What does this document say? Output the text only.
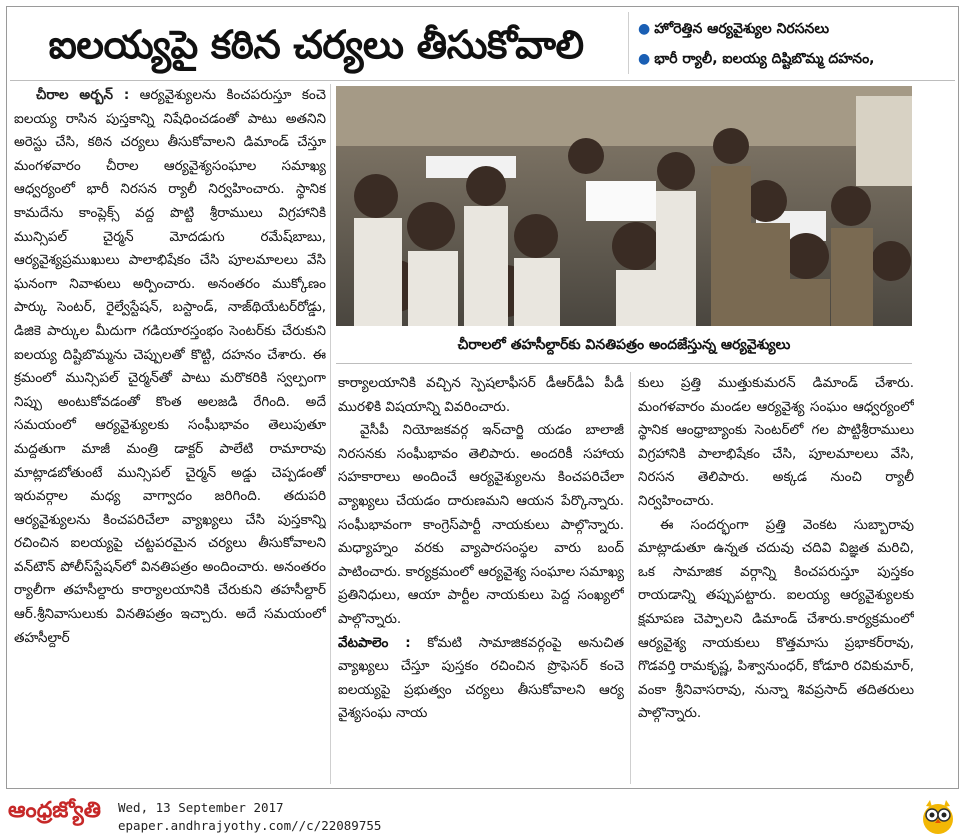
ఐలయ్యపై కఠిన చర్యలు తీసుకోవాలి	● హోరెత్తిన ఆర్యవైశ్యుల నిరసనలు
● భారీ ర్యాలీ, ఐలయ్య దిష్టిబొమ్మ దహనం,

చీరాల అర్బన్ : ఆర్యవైశ్యులను కించపరుస్తూ కంచె ఐలయ్య రాసిన పుస్తకాన్ని నిషేధించడంతో పాటు అతనిని అరెస్టు చేసి, కఠిన చర్యలు తీసుకోవాలని డిమాండ్ చేస్తూ మంగళవారం చీరాల ఆర్యవైశ్యసంఘాల సమాఖ్య ఆధ్వర్యంలో భారీ నిరసన ర్యాలీ నిర్వహించారు. స్థానిక కామదేను కాంప్లెక్స్ వద్ద పొట్టి శ్రీరాములు విగ్రహానికి మున్సిపల్ చైర్మన్ మోదడుగు రమేష్‌బాబు, ఆర్యవైశ్యప్రముఖులు పాలాభిషేకం చేసి పూలమాలలు వేసి ఘనంగా నివాళులు అర్పించారు. అనంతరం ముక్కోణం పార్కు సెంటర్, రైల్వేస్టేషన్, బస్టాండ్, నాజ్‌థియేటర్‌రోడ్డు, డిజికె పార్కుల మీదుగా గడియారస్తంభం సెంటర్‌కు చేరుకుని ఐలయ్య దిష్టిబొమ్మను చెప్పులతో కొట్టి, దహనం చేశారు. ఈ క్రమంలో మున్సిపల్ చైర్మన్‌తో పాటు మరొకరికి స్వల్పంగా నిప్పు అంటుకోవడంతో కొంత అలజడి రేగింది. అదే సమయంలో ఆర్యవైశ్యులకు సంఘీభావం తెలుపుతూ మద్దతుగా మాజీ మంత్రి డాక్టర్ పాలేటి రామారావు మాట్లాడబోతుంటే మున్సిపల్ చైర్మన్ అడ్డు చెప్పడంతో ఇరువర్గాల మధ్య వాగ్వాదం జరిగింది. తదుపరి ఆర్యవైశ్యులను కించపరిచేలా వ్యాఖ్యలు చేసి పుస్తకాన్ని రచించిన ఐలయ్యపై చట్టపరమైన చర్యలు తీసుకోవాలని వన్‌టౌన్ పోలీస్‌స్టేషన్‌లో వినతిపత్రం అందించారు. అనంతరం ర్యాలీగా తహసీల్దారు కార్యాలయానికి చేరుకుని తహసీల్దార్ ఆర్.శ్రీనివాసులుకు వినతిపత్రం ఇచ్చారు. అదే సమయంలో తహసీల్దార్

చీరాలలో తహసీల్దార్‌కు వినతిపత్రం అందజేస్తున్న ఆర్యవైశ్యులు

కార్యాలయానికి వచ్చిన స్పెషలాఫీసర్ డీఆర్‌డీఏ పీడీ మురళికి విషయాన్ని వివరించారు.

వైసీపీ నియోజకవర్గ ఇన్‌చార్జి యడం బాలాజీ నిరసనకు సంఘీభావం తెలిపారు. అందరికీ సహాయ సహకారాలు అందించే ఆర్యవైశ్యులను కించపరిచేలా వ్యాఖ్యలు చేయడం దారుణమని ఆయన పేర్కొన్నారు. సంఘీభావంగా కాంగ్రెస్‌పార్టీ నాయకులు పాల్గొన్నారు. మధ్యాహ్నం వరకు వ్యాపారసంస్థల వారు బంద్ పాటించారు. కార్యక్రమంలో ఆర్యవైశ్య సంఘాల సమాఖ్య ప్రతినిధులు, ఆయా పార్టీల నాయకులు పెద్ద సంఖ్యలో పాల్గొన్నారు.

వేటపాలెం : కోమటి సామాజికవర్గంపై అనుచిత వ్యాఖ్యలు చేస్తూ పుస్తకం రచించిన ప్రొఫెసర్ కంచె ఐలయ్యపై ప్రభుత్వం చర్యలు తీసుకోవాలని ఆర్య వైశ్యసంఘ నాయ

కులు ప్రత్తి ముత్తుకుమరన్ డిమాండ్ చేశారు. మంగళవారం మండల ఆర్యవైశ్య సంఘం ఆధ్వర్యంలో స్థానిక ఆంధ్రాబ్యాంకు సెంటర్‌లో గల పొట్టిశ్రీరాములు విగ్రహానికి పాలాభిషేకం చేసి, పూలమాలలు వేసి, నిరసన తెలిపారు. అక్కడ నుంచి ర్యాలీ నిర్వహించారు.

ఈ సందర్భంగా ప్రత్తి వెంకట సుబ్బారావు మాట్లాడుతూ ఉన్నత చదువు చదివి విజ్ఞత మరిచి, ఒక సామాజిక వర్గాన్ని కించపరుస్తూ పుస్తకం రాయడాన్ని తప్పుపట్టారు. ఐలయ్య ఆర్యవైశ్యులకు క్షమాపణ చెప్పాలని డిమాండ్ చేశారు.కార్యక్రమంలో ఆర్యవైశ్య నాయకులు కొత్తమాసు ప్రభాకర్‌రావు, గొడవర్తి రామకృష్ణ, పిశ్వానుంధర్, కోడూరి రవికుమార్, వంకా శ్రీనివాసరావు, నున్నా శివప్రసాద్ తదితరులు పాల్గొన్నారు.

ఆంధ్రజ్యోతి Wed, 13 September 2017
epaper.andhrajyothy.com//c/22089755
